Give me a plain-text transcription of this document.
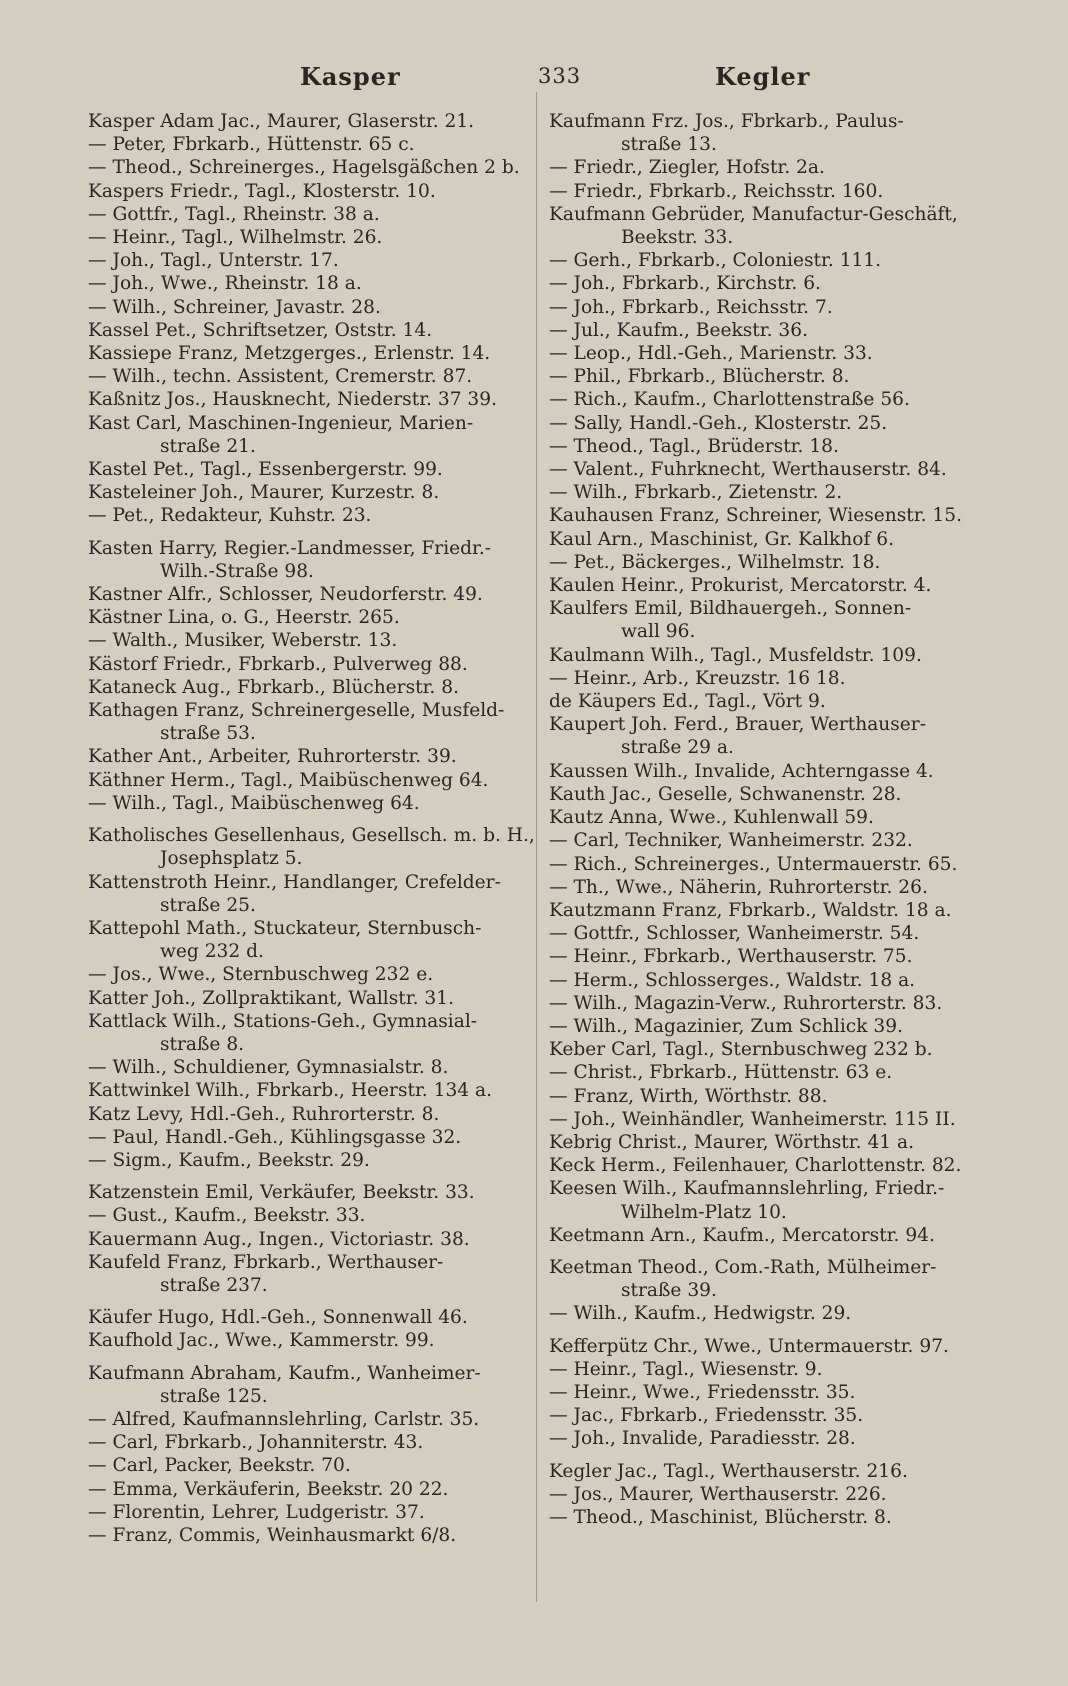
Kasper	333	Kegler
Kasper Adam Jac., Maurer, Glaserstr. 21.
— Peter, Fbrkarb., Hüttenstr. 65 c.
— Theod., Schreinerges., Hagelsgäßchen 2 b.
Kaspers Friedr., Tagl., Klosterstr. 10.
— Gottfr., Tagl., Rheinstr. 38 a.
— Heinr., Tagl., Wilhelmstr. 26.
— Joh., Tagl., Unterstr. 17.
— Joh., Wwe., Rheinstr. 18 a.
— Wilh., Schreiner, Javastr. 28.
Kassel Pet., Schriftsetzer, Oststr. 14.
Kassiepe Franz, Metzgerges., Erlenstr. 14.
— Wilh., techn. Assistent, Cremerstr. 87.
Kaßnitz Jos., Hausknecht, Niederstr. 37 39.
Kast Carl, Maschinen-Ingenieur, Marien-
straße 21.
Kastel Pet., Tagl., Essenbergerstr. 99.
Kasteleiner Joh., Maurer, Kurzestr. 8.
— Pet., Redakteur, Kuhstr. 23.
Kasten Harry, Regier.-Landmesser, Friedr.-
Wilh.-Straße 98.
Kastner Alfr., Schlosser, Neudorferstr. 49.
Kästner Lina, o. G., Heerstr. 265.
— Walth., Musiker, Weberstr. 13.
Kästorf Friedr., Fbrkarb., Pulverweg 88.
Kataneck Aug., Fbrkarb., Blücherstr. 8.
Kathagen Franz, Schreinergeselle, Musfeld-
straße 53.
Kather Ant., Arbeiter, Ruhrorterstr. 39.
Käthner Herm., Tagl., Maibüschenweg 64.
— Wilh., Tagl., Maibüschenweg 64.
Katholisches Gesellenhaus, Gesellsch. m. b. H.,
Josephsplatz 5.
Kattenstroth Heinr., Handlanger, Crefelder-
straße 25.
Kattepohl Math., Stuckateur, Sternbusch-
weg 232 d.
— Jos., Wwe., Sternbuschweg 232 e.
Katter Joh., Zollpraktikant, Wallstr. 31.
Kattlack Wilh., Stations-Geh., Gymnasial-
straße 8.
— Wilh., Schuldiener, Gymnasialstr. 8.
Kattwinkel Wilh., Fbrkarb., Heerstr. 134 a.
Katz Levy, Hdl.-Geh., Ruhrorterstr. 8.
— Paul, Handl.-Geh., Kühlingsgasse 32.
— Sigm., Kaufm., Beekstr. 29.
Katzenstein Emil, Verkäufer, Beekstr. 33.
— Gust., Kaufm., Beekstr. 33.
Kauermann Aug., Ingen., Victoriastr. 38.
Kaufeld Franz, Fbrkarb., Werthauser-
straße 237.
Käufer Hugo, Hdl.-Geh., Sonnenwall 46.
Kaufhold Jac., Wwe., Kammerstr. 99.
Kaufmann Abraham, Kaufm., Wanheimer-
straße 125.
— Alfred, Kaufmannslehrling, Carlstr. 35.
— Carl, Fbrkarb., Johanniterstr. 43.
— Carl, Packer, Beekstr. 70.
— Emma, Verkäuferin, Beekstr. 20 22.
— Florentin, Lehrer, Ludgeristr. 37.
— Franz, Commis, Weinhausmarkt 6/8.
Kaufmann Frz. Jos., Fbrkarb., Paulus-
straße 13.
— Friedr., Ziegler, Hofstr. 2a.
— Friedr., Fbrkarb., Reichsstr. 160.
Kaufmann Gebrüder, Manufactur-Geschäft,
Beekstr. 33.
— Gerh., Fbrkarb., Coloniestr. 111.
— Joh., Fbrkarb., Kirchstr. 6.
— Joh., Fbrkarb., Reichsstr. 7.
— Jul., Kaufm., Beekstr. 36.
— Leop., Hdl.-Geh., Marienstr. 33.
— Phil., Fbrkarb., Blücherstr. 8.
— Rich., Kaufm., Charlottenstraße 56.
— Sally, Handl.-Geh., Klosterstr. 25.
— Theod., Tagl., Brüderstr. 18.
— Valent., Fuhrknecht, Werthauserstr. 84.
— Wilh., Fbrkarb., Zietenstr. 2.
Kauhausen Franz, Schreiner, Wiesenstr. 15.
Kaul Arn., Maschinist, Gr. Kalkhof 6.
— Pet., Bäckerges., Wilhelmstr. 18.
Kaulen Heinr., Prokurist, Mercatorstr. 4.
Kaulfers Emil, Bildhauergeh., Sonnen-
wall 96.
Kaulmann Wilh., Tagl., Musfeldstr. 109.
— Heinr., Arb., Kreuzstr. 16 18.
de Käupers Ed., Tagl., Vört 9.
Kaupert Joh. Ferd., Brauer, Werthauser-
straße 29 a.
Kaussen Wilh., Invalide, Achterngasse 4.
Kauth Jac., Geselle, Schwanenstr. 28.
Kautz Anna, Wwe., Kuhlenwall 59.
— Carl, Techniker, Wanheimerstr. 232.
— Rich., Schreinerges., Untermauerstr. 65.
— Th., Wwe., Näherin, Ruhrorterstr. 26.
Kautzmann Franz, Fbrkarb., Waldstr. 18 a.
— Gottfr., Schlosser, Wanheimerstr. 54.
— Heinr., Fbrkarb., Werthauserstr. 75.
— Herm., Schlosserges., Waldstr. 18 a.
— Wilh., Magazin-Verw., Ruhrorterstr. 83.
— Wilh., Magazinier, Zum Schlick 39.
Keber Carl, Tagl., Sternbuschweg 232 b.
— Christ., Fbrkarb., Hüttenstr. 63 e.
— Franz, Wirth, Wörthstr. 88.
— Joh., Weinhändler, Wanheimerstr. 115 II.
Kebrig Christ., Maurer, Wörthstr. 41 a.
Keck Herm., Feilenhauer, Charlottenstr. 82.
Keesen Wilh., Kaufmannslehrling, Friedr.-
Wilhelm-Platz 10.
Keetmann Arn., Kaufm., Mercatorstr. 94.
Keetman Theod., Com.-Rath, Mülheimer-
straße 39.
— Wilh., Kaufm., Hedwigstr. 29.
Kefferpütz Chr., Wwe., Untermauerstr. 97.
— Heinr., Tagl., Wiesenstr. 9.
— Heinr., Wwe., Friedensstr. 35.
— Jac., Fbrkarb., Friedensstr. 35.
— Joh., Invalide, Paradiesstr. 28.
Kegler Jac., Tagl., Werthauserstr. 216.
— Jos., Maurer, Werthauserstr. 226.
— Theod., Maschinist, Blücherstr. 8.
